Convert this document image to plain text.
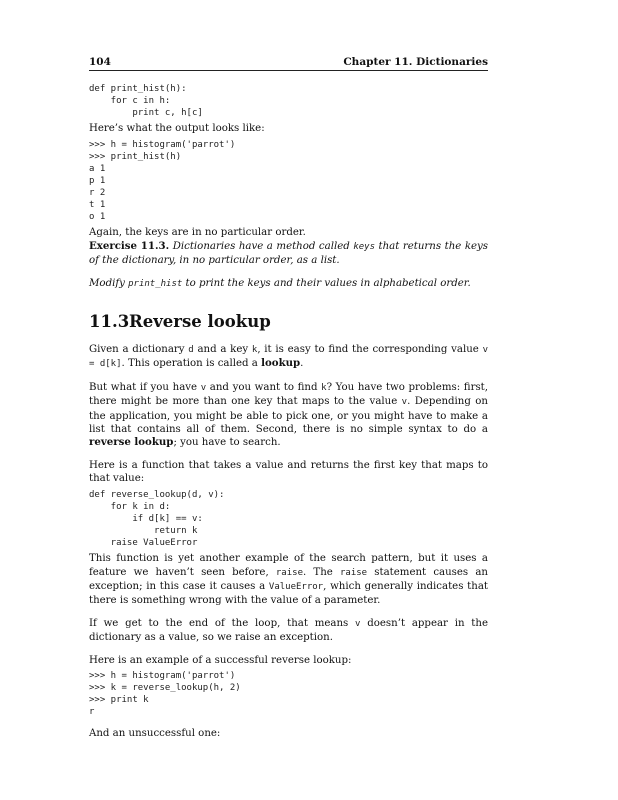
104	Chapter 11. Dictionaries
def print_hist(h):
for c in h:
print c, h[c]

Here’s what the output looks like:

>>> h = histogram('parrot')
>>> print_hist(h)
a 1
p 1
r 2
t 1
o 1

Again, the keys are in no particular order.

Exercise 11.3. Dictionaries have a method called keys that returns the keys of the dictionary, in no particular order, as a list.

Modify print_hist to print the keys and their values in alphabetical order.

11.3Reverse lookup

Given a dictionary d and a key k, it is easy to find the corresponding value v = d[k]. This operation is called a lookup.

But what if you have v and you want to find k? You have two problems: first, there might be more than one key that maps to the value v. Depending on the application, you might be able to pick one, or you might have to make a list that contains all of them. Second, there is no simple syntax to do a reverse lookup; you have to search.

Here is a function that takes a value and returns the first key that maps to that value:

def reverse_lookup(d, v):
for k in d:
if d[k] == v:
return k
raise ValueError

This function is yet another example of the search pattern, but it uses a feature we haven’t seen before, raise. The raise statement causes an exception; in this case it causes a ValueError, which generally indicates that there is something wrong with the value of a parameter.

If we get to the end of the loop, that means v doesn’t appear in the dictionary as a value, so we raise an exception.

Here is an example of a successful reverse lookup:

>>> h = histogram('parrot')
>>> k = reverse_lookup(h, 2)
>>> print k
r

And an unsuccessful one:
